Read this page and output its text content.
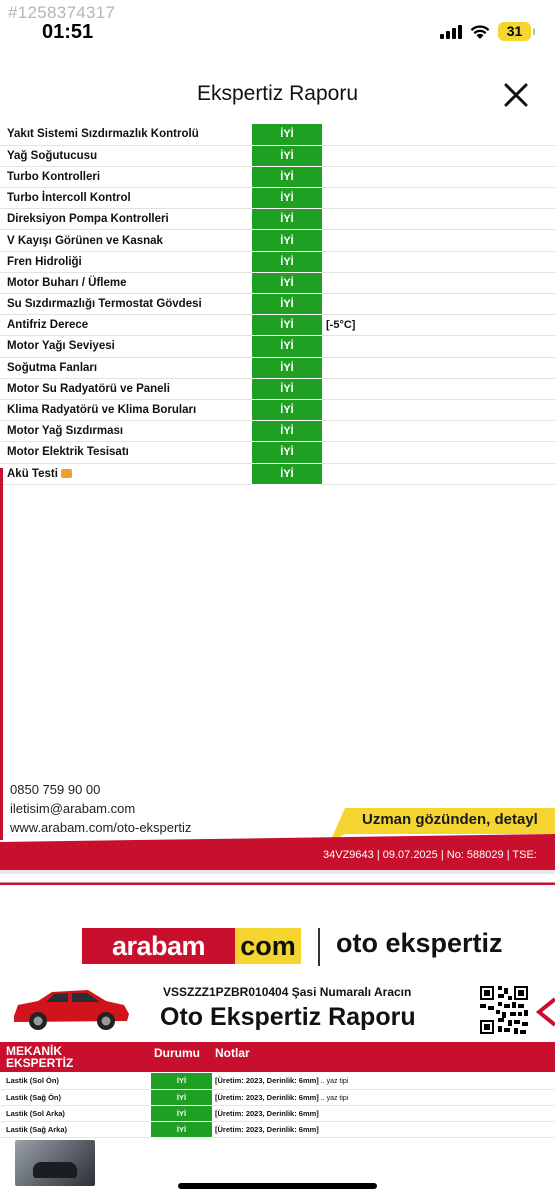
#1258374317
01:51	31
Ekspertiz Raporu
Yakıt Sistemi Sızdırmazlık Kontrolü	İYİ	
Yağ Soğutucusu	İYİ	
Turbo Kontrolleri	İYİ	
Turbo İntercoll Kontrol	İYİ	
Direksiyon Pompa Kontrolleri	İYİ	
V Kayışı Görünen ve Kasnak	İYİ	
Fren Hidroliği	İYİ	
Motor Buharı / Üfleme	İYİ	
Su Sızdırmazlığı Termostat Gövdesi	İYİ	
Antifriz Derece	İYİ	[-5°C]
Motor Yağı Seviyesi	İYİ	
Soğutma Fanları	İYİ	
Motor Su Radyatörü ve Paneli	İYİ	
Klima Radyatörü ve Klima Boruları	İYİ	
Motor Yağ Sızdırması	İYİ	
Motor Elektrik Tesisatı	İYİ	
Akü Testi	İYİ	
0850 759 90 00
iletisim@arabam.com
www.arabam.com/oto-ekspertiz	Uzman gözünden, detayl
34VZ9643 | 09.07.2025 | No: 588029 | TSE:
arabam	com oto ekspertiz
VSSZZZ1PZBR010404 Şasi Numaralı Aracın
Oto Ekspertiz Raporu
MEKANİK
EKSPERTİZ
Durumu Notlar
Lastik (Sol Ön)	İYİ	[Üretim: 2023, Derinlik: 6mm] .. yaz tipi
Lastik (Sağ Ön)	İYİ	[Üretim: 2023, Derinlik: 6mm] .. yaz tipi
Lastik (Sol Arka)	İYİ	[Üretim: 2023, Derinlik: 6mm]
Lastik (Sağ Arka)	İYİ	[Üretim: 2023, Derinlik: 6mm]
